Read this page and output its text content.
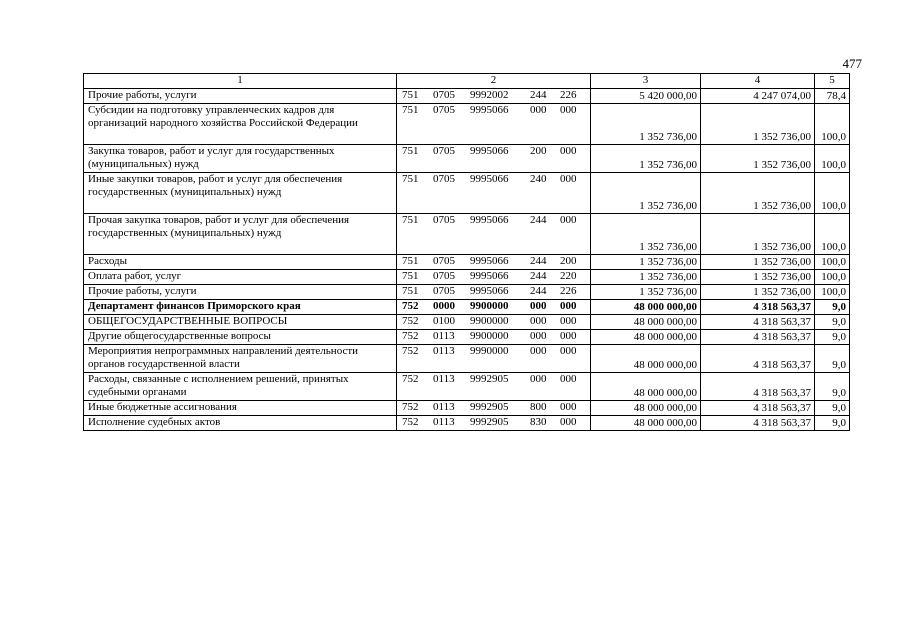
477
1	2	3	4	5
Прочие работы, услуги	751 0705 9992002 244 226	5 420 000,00	4 247 074,00	78,4
Субсидии на подготовку управленческих кадров для организаций народного хозяйства Российской Федерации	751 0705 9995066 000 000	1 352 736,00	1 352 736,00	100,0
Закупка товаров, работ и услуг для государственных (муниципальных) нужд	751 0705 9995066 200 000	1 352 736,00	1 352 736,00	100,0
Иные закупки товаров, работ и услуг для обеспечения государственных (муниципальных) нужд	751 0705 9995066 240 000	1 352 736,00	1 352 736,00	100,0
Прочая закупка товаров, работ и услуг для обеспечения государственных (муниципальных) нужд	751 0705 9995066 244 000	1 352 736,00	1 352 736,00	100,0
Расходы	751 0705 9995066 244 200	1 352 736,00	1 352 736,00	100,0
Оплата работ, услуг	751 0705 9995066 244 220	1 352 736,00	1 352 736,00	100,0
Прочие работы, услуги	751 0705 9995066 244 226	1 352 736,00	1 352 736,00	100,0
Департамент финансов Приморского края	752 0000 9900000 000 000	48 000 000,00	4 318 563,37	9,0
ОБЩЕГОСУДАРСТВЕННЫЕ ВОПРОСЫ	752 0100 9900000 000 000	48 000 000,00	4 318 563,37	9,0
Другие общегосударственные вопросы	752 0113 9900000 000 000	48 000 000,00	4 318 563,37	9,0
Мероприятия непрограммных направлений деятельности органов государственной власти	752 0113 9990000 000 000	48 000 000,00	4 318 563,37	9,0
Расходы, связанные с исполнением решений, принятых судебными органами	752 0113 9992905 000 000	48 000 000,00	4 318 563,37	9,0
Иные бюджетные ассигнования	752 0113 9992905 800 000	48 000 000,00	4 318 563,37	9,0
Исполнение судебных актов	752 0113 9992905 830 000	48 000 000,00	4 318 563,37	9,0
